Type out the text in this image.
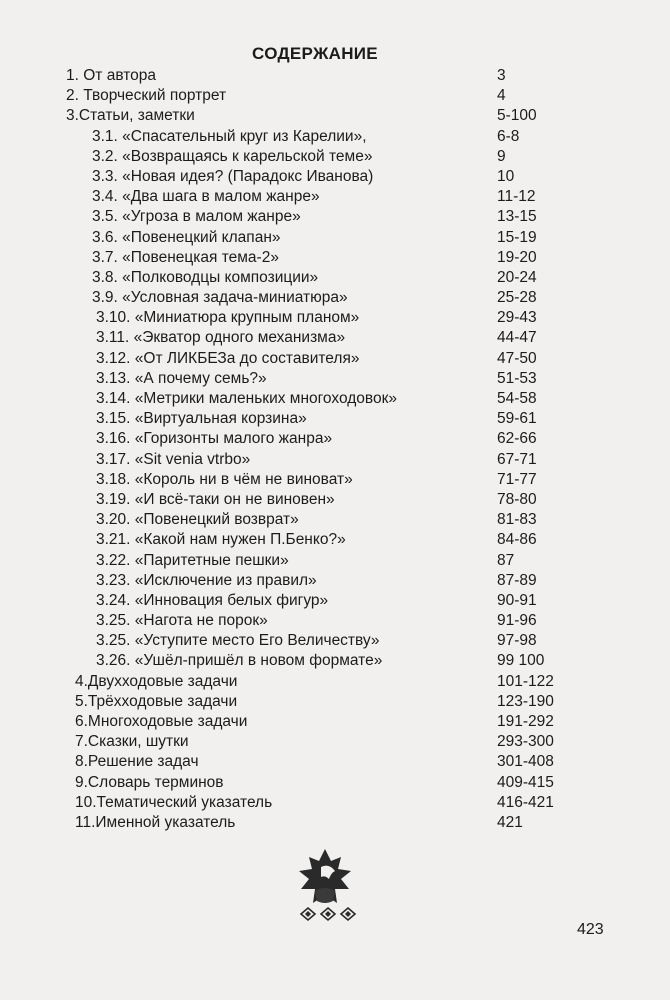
СОДЕРЖАНИЕ
1. От автора	3
2. Творческий портрет	4
3.Статьи, заметки	5-100
3.1. «Спасательный круг из Карелии»,	6-8
3.2. «Возвращаясь к карельской теме»	9
3.3. «Новая идея? (Парадокс Иванова)	10
3.4. «Два шага в малом жанре»	11-12
3.5. «Угроза в малом жанре»	13-15
3.6. «Повенецкий клапан»	15-19
3.7. «Повенецкая тема-2»	19-20
3.8. «Полководцы композиции»	20-24
3.9. «Условная задача-миниатюра»	25-28
3.10. «Миниатюра крупным планом»	29-43
3.11. «Экватор одного механизма»	44-47
3.12. «От ЛИКБЕЗа до составителя»	47-50
3.13. «А почему семь?»	51-53
3.14. «Метрики маленьких многоходовок»	54-58
3.15. «Виртуальная корзина»	59-61
3.16. «Горизонты малого жанра»	62-66
3.17. «Sit venia vtrbo»	67-71
3.18. «Король ни в чём не виноват»	71-77
3.19. «И всё-таки он не виновен»	78-80
3.20. «Повенецкий возврат»	81-83
3.21. «Какой нам нужен П.Бенко?»	84-86
3.22. «Паритетные пешки»	87
3.23. «Исключение из правил»	87-89
3.24. «Инновация белых фигур»	90-91
3.25. «Нагота не порок»	91-96
3.25. «Уступите место Его Величеству»	97-98
3.26. «Ушёл-пришёл в новом формате»	99 100
4.Двухходовые задачи	101-122
5.Трёхходовые задачи	123-190
6.Многоходовые задачи	191-292
7.Сказки, шутки	293-300
8.Решение задач	301-408
9.Словарь терминов	409-415
10.Тематический указатель	416-421
11.Именной указатель	421
423
